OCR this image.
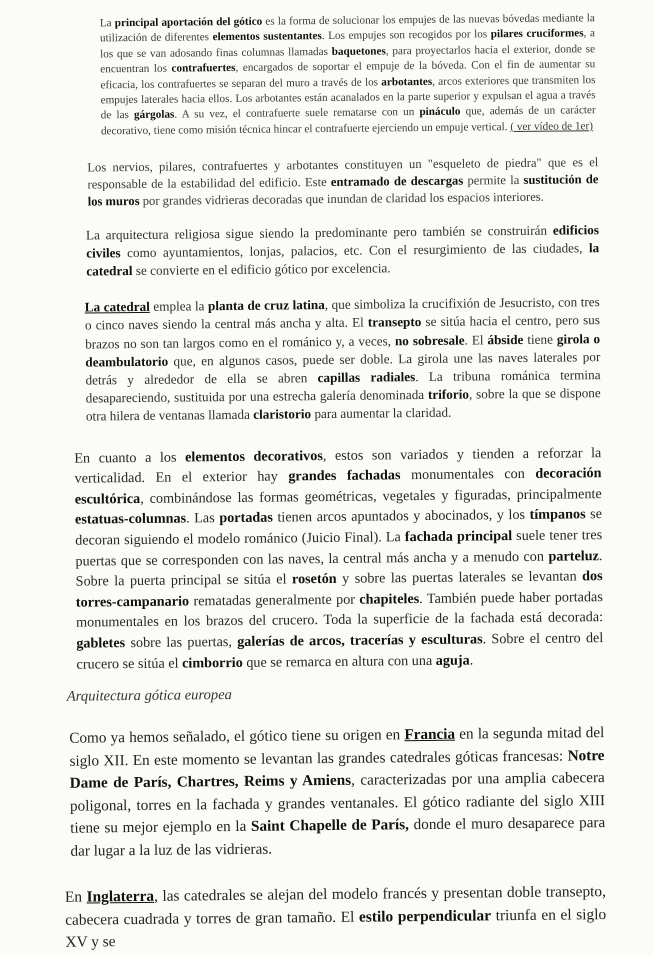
La principal aportación del gótico es la forma de solucionar los empujes de las nuevas bóvedas mediante la utilización de diferentes elementos sustentantes. Los empujes son recogidos por los pilares cruciformes, a los que se van adosando finas columnas llamadas baquetones, para proyectarlos hacia el exterior, donde se encuentran los contrafuertes, encargados de soportar el empuje de la bóveda. Con el fin de aumentar su eficacia, los contrafuertes se separan del muro a través de los arbotantes, arcos exteriores que transmiten los empujes laterales hacia ellos. Los arbotantes están acanalados en la parte superior y expulsan el agua a través de las gárgolas. A su vez, el contrafuerte suele rematarse con un pináculo que, además de un carácter decorativo, tiene como misión técnica hincar el contrafuerte ejerciendo un empuje vertical. ( ver vídeo de 1er)

Los nervios, pilares, contrafuertes y arbotantes constituyen un "esqueleto de piedra" que es el responsable de la estabilidad del edificio. Este entramado de descargas permite la sustitución de los muros por grandes vidrieras decoradas que inundan de claridad los espacios interiores.

La arquitectura religiosa sigue siendo la predominante pero también se construirán edificios civiles como ayuntamientos, lonjas, palacios, etc. Con el resurgimiento de las ciudades, la catedral se convierte en el edificio gótico por excelencia.

La catedral emplea la planta de cruz latina, que simboliza la crucifixión de Jesucristo, con tres o cinco naves siendo la central más ancha y alta. El transepto se sitúa hacia el centro, pero sus brazos no son tan largos como en el románico y, a veces, no sobresale. El ábside tiene girola o deambulatorio que, en algunos casos, puede ser doble. La girola une las naves laterales por detrás y alrededor de ella se abren capillas radiales. La tribuna románica termina desapareciendo, sustituida por una estrecha galería denominada triforio, sobre la que se dispone otra hilera de ventanas llamada claristorio para aumentar la claridad.

En cuanto a los elementos decorativos, estos son variados y tienden a reforzar la verticalidad. En el exterior hay grandes fachadas monumentales con decoración escultórica, combinándose las formas geométricas, vegetales y figuradas, principalmente estatuas-columnas. Las portadas tienen arcos apuntados y abocinados, y los tímpanos se decoran siguiendo el modelo románico (Juicio Final). La fachada principal suele tener tres puertas que se corresponden con las naves, la central más ancha y a menudo con parteluz. Sobre la puerta principal se sitúa el rosetón y sobre las puertas laterales se levantan dos torres-campanario rematadas generalmente por chapiteles. También puede haber portadas monumentales en los brazos del crucero. Toda la superficie de la fachada está decorada: gabletes sobre las puertas, galerías de arcos, tracerías y esculturas. Sobre el centro del crucero se sitúa el cimborrio que se remarca en altura con una aguja.

Arquitectura gótica europea

Como ya hemos señalado, el gótico tiene su origen en Francia en la segunda mitad del siglo XII. En este momento se levantan las grandes catedrales góticas francesas: Notre Dame de París, Chartres, Reims y Amiens, caracterizadas por una amplia cabecera poligonal, torres en la fachada y grandes ventanales. El gótico radiante del siglo XIII tiene su mejor ejemplo en la Saint Chapelle de París, donde el muro desaparece para dar lugar a la luz de las vidrieras.

En Inglaterra, las catedrales se alejan del modelo francés y presentan doble transepto, cabecera cuadrada y torres de gran tamaño. El estilo perpendicular triunfa en el siglo XV y se
